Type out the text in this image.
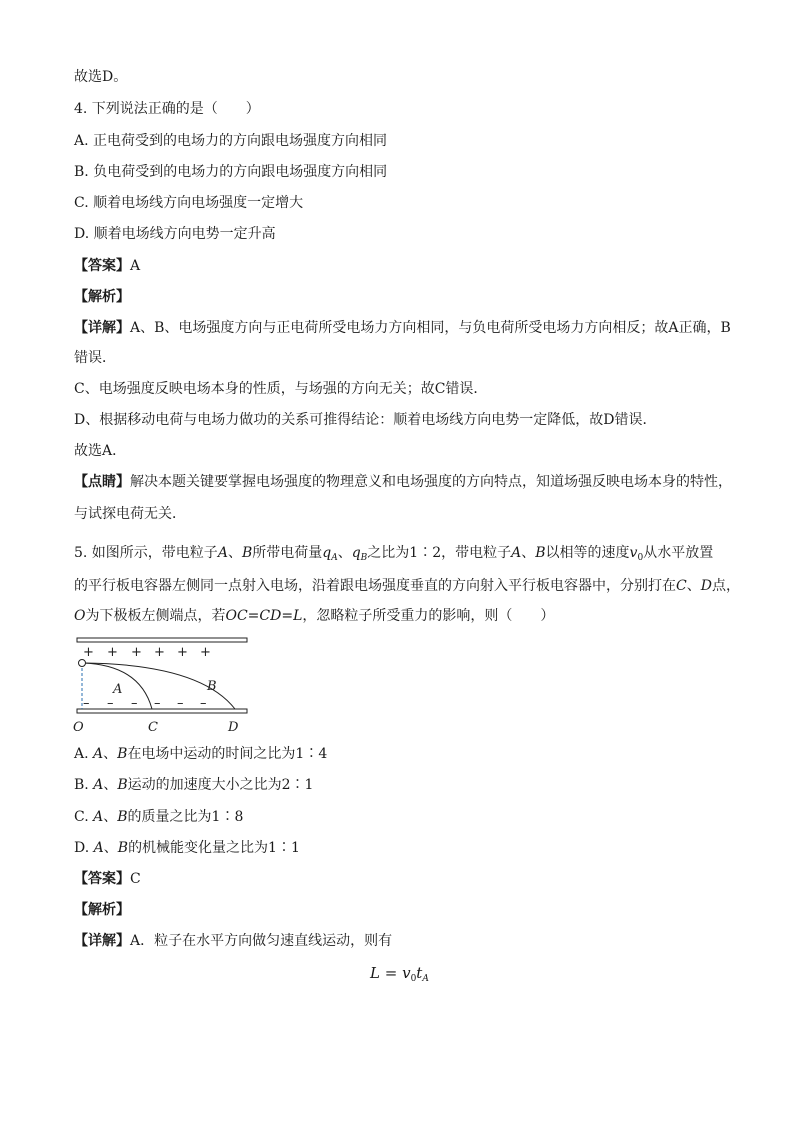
故选D。
4. 下列说法正确的是（　　）
A. 正电荷受到的电场力的方向跟电场强度方向相同
B. 负电荷受到的电场力的方向跟电场强度方向相同
C. 顺着电场线方向电场强度一定增大
D. 顺着电场线方向电势一定升高
【答案】A
【解析】
【详解】A、B、电场强度方向与正电荷所受电场力方向相同，与负电荷所受电场力方向相反；故A正确，B
错误．
C、电场强度反映电场本身的性质，与场强的方向无关；故C错误．
D、根据移动电荷与电场力做功的关系可推得结论：顺着电场线方向电势一定降低，故D错误．
故选A．
【点睛】解决本题关键要掌握电场强度的物理意义和电场强度的方向特点，知道场强反映电场本身的特性，
与试探电荷无关．
5. 如图所示，带电粒子A、B所带电荷量$q_A$、$q_B$之比为1∶2，带电粒子A、B以相等的速度$v_0$从水平放置
的平行板电容器左侧同一点射入电场，沿着跟电场强度垂直的方向射入平行板电容器中，分别打在C、D点，
O为下极板左侧端点，若OC=CD=L，忽略粒子所受重力的影响，则（　　）
+ + + + + +
– – – – – –
A	B
O	C	D
A. A、B在电场中运动的时间之比为1∶4
B. A、B运动的加速度大小之比为2∶1
C. A、B的质量之比为1∶8
D. A、B的机械能变化量之比为1∶1
【答案】C
【解析】
【详解】A．粒子在水平方向做匀速直线运动，则有
$L = v_0t_A$
